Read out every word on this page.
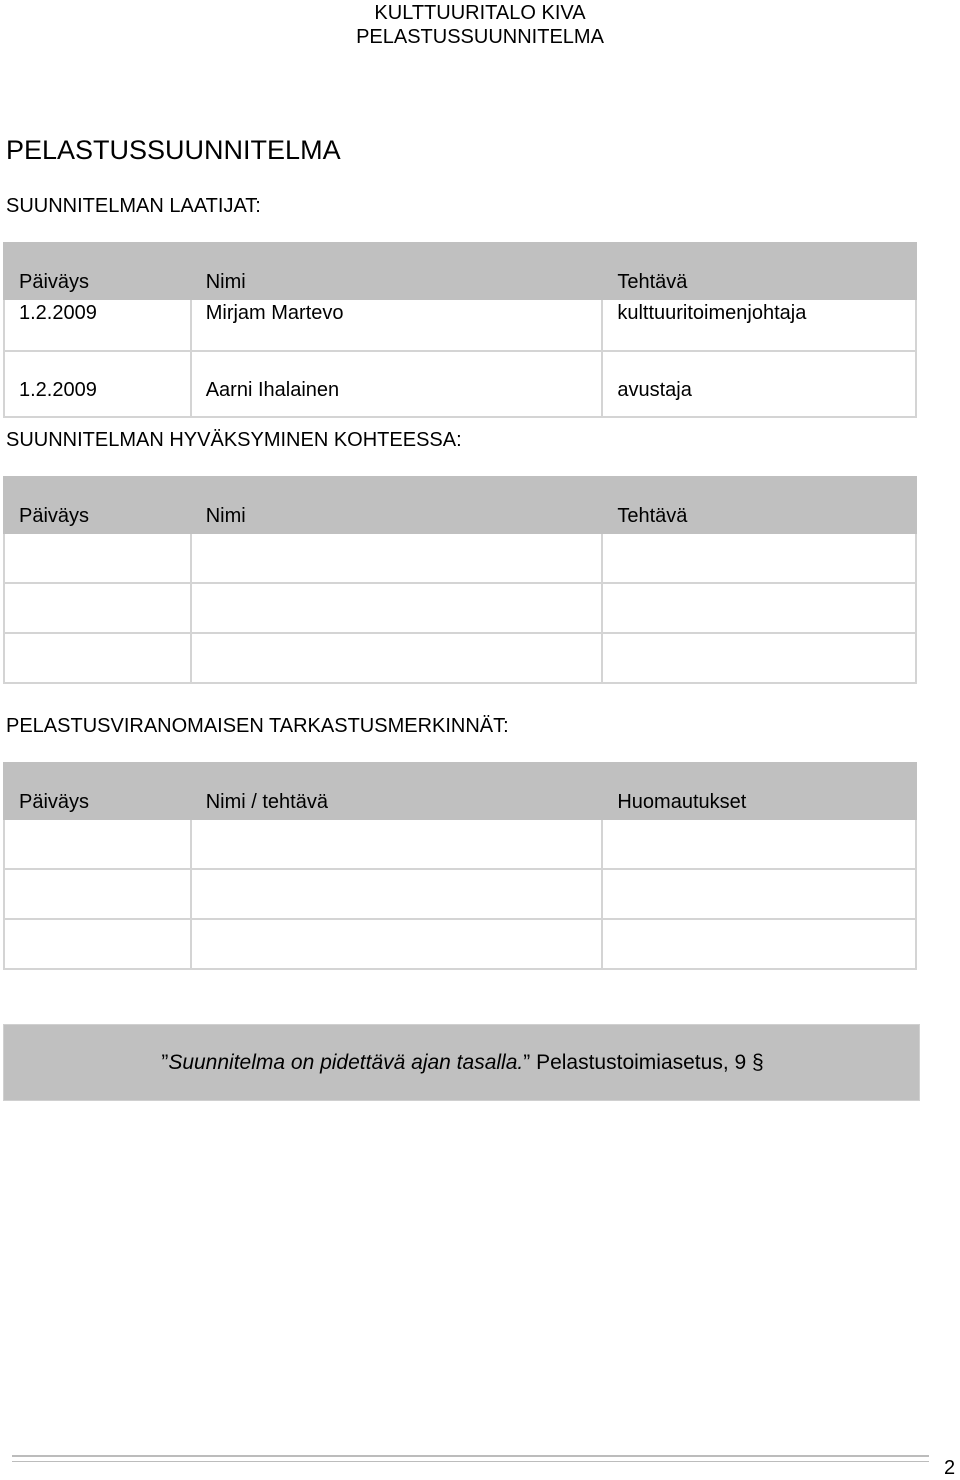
KULTTUURITALO KIVA
PELASTUSSUUNNITELMA
PELASTUSSUUNNITELMA
SUUNNITELMAN LAATIJAT:
Päiväys	Nimi	Tehtävä
1.2.2009	Mirjam Martevo	kulttuuritoimenjohtaja
1.2.2009	Aarni Ihalainen	avustaja
SUUNNITELMAN HYVÄKSYMINEN KOHTEESSA:
Päiväys	Nimi	Tehtävä

PELASTUSVIRANOMAISEN TARKASTUSMERKINNÄT:
Päiväys	Nimi / tehtävä	Huomautukset

”Suunnitelma on pidettävä ajan tasalla.” Pelastustoimiasetus, 9 §
2
